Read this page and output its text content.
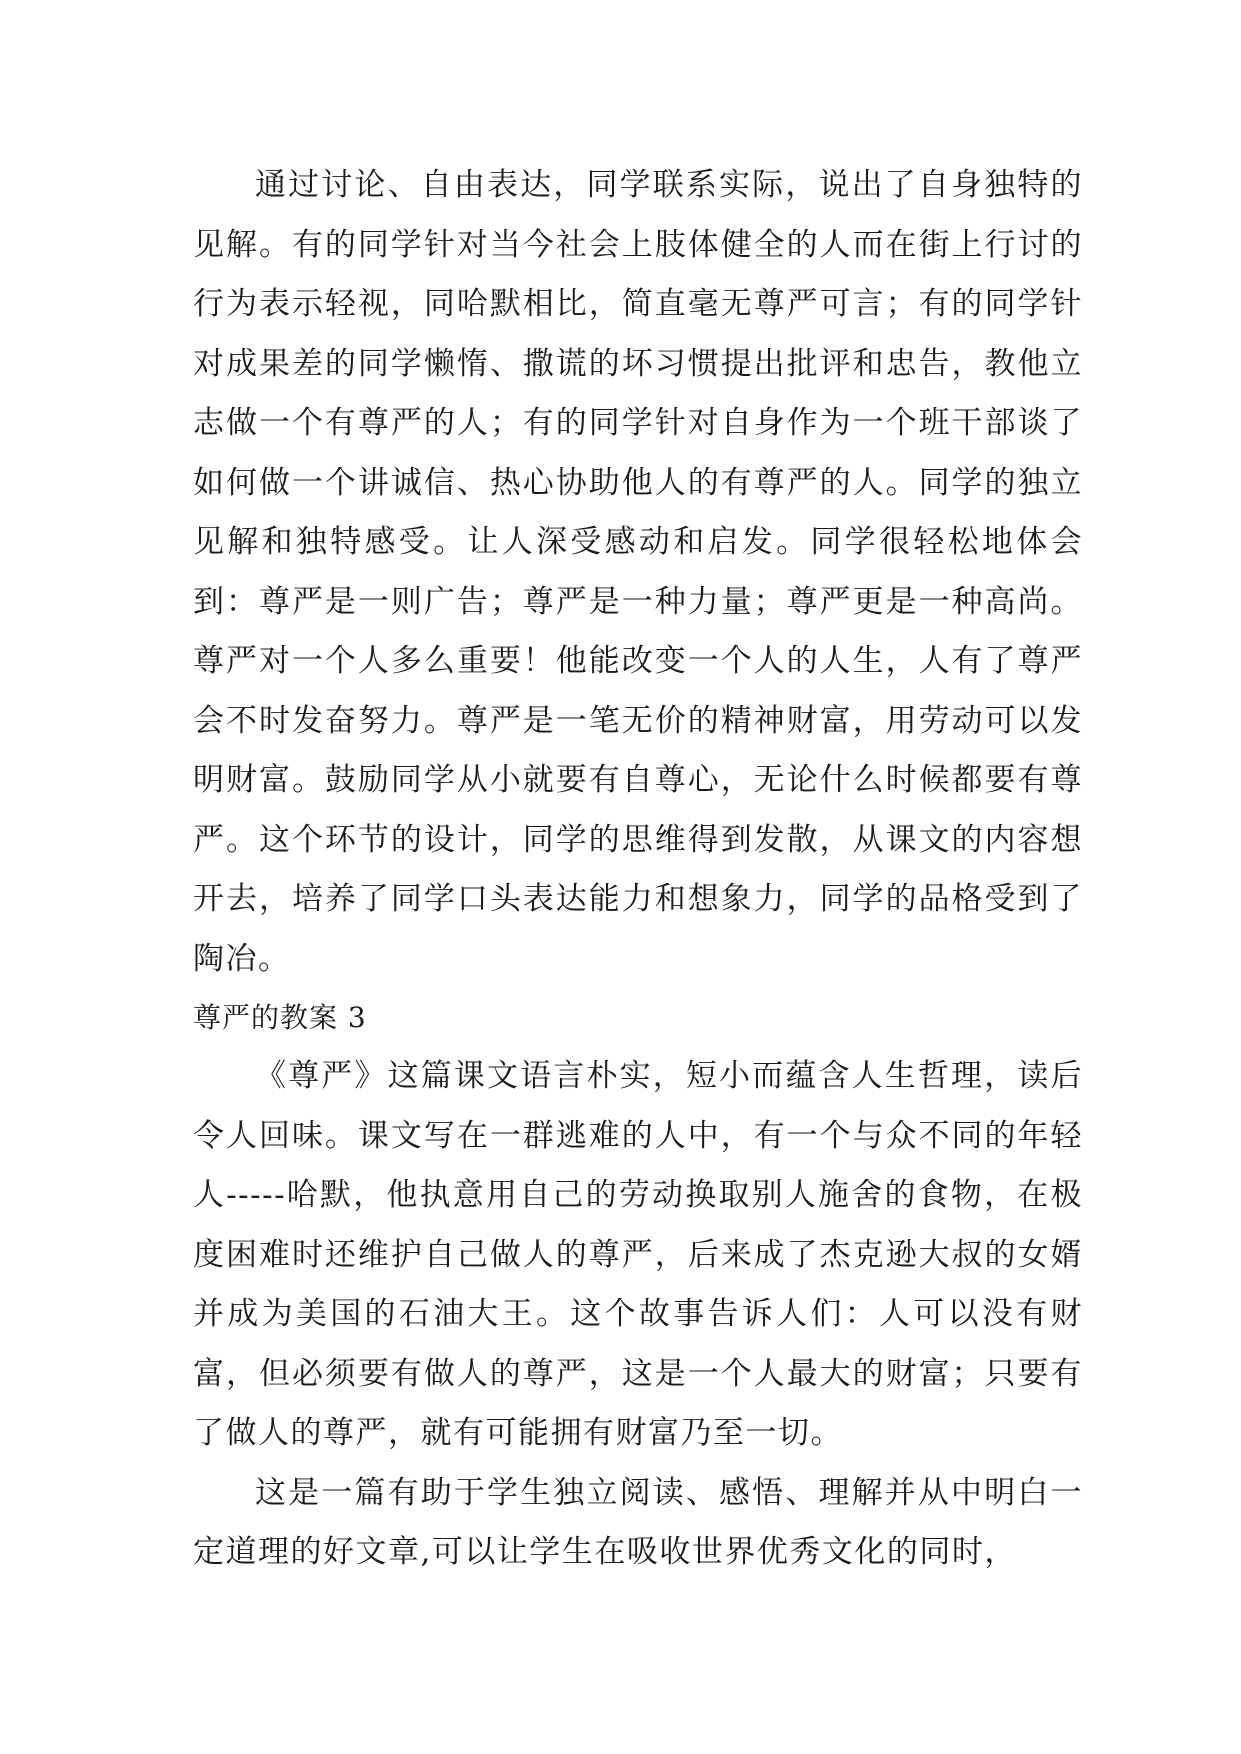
通过讨论、自由表达，同学联系实际，说出了自身独特的见解。有的同学针对当今社会上肢体健全的人而在街上行讨的行为表示轻视，同哈默相比，简直毫无尊严可言；有的同学针对成果差的同学懒惰、撒谎的坏习惯提出批评和忠告，教他立志做一个有尊严的人；有的同学针对自身作为一个班干部谈了如何做一个讲诚信、热心协助他人的有尊严的人。同学的独立见解和独特感受。让人深受感动和启发。同学很轻松地体会到：尊严是一则广告；尊严是一种力量；尊严更是一种高尚。尊严对一个人多么重要！他能改变一个人的人生，人有了尊严会不时发奋努力。尊严是一笔无价的精神财富，用劳动可以发明财富。鼓励同学从小就要有自尊心，无论什么时候都要有尊严。这个环节的设计，同学的思维得到发散，从课文的内容想开去，培养了同学口头表达能力和想象力，同学的品格受到了陶冶。

尊严的教案 3

《尊严》这篇课文语言朴实，短小而蕴含人生哲理，读后令人回味。课文写在一群逃难的人中，有一个与众不同的年轻人-----哈默，他执意用自己的劳动换取别人施舍的食物，在极度困难时还维护自己做人的尊严，后来成了杰克逊大叔的女婿并成为美国的石油大王。这个故事告诉人们：人可以没有财富，但必须要有做人的尊严，这是一个人最大的财富；只要有了做人的尊严，就有可能拥有财富乃至一切。

这是一篇有助于学生独立阅读、感悟、理解并从中明白一定道理的好文章,可以让学生在吸收世界优秀文化的同时，
